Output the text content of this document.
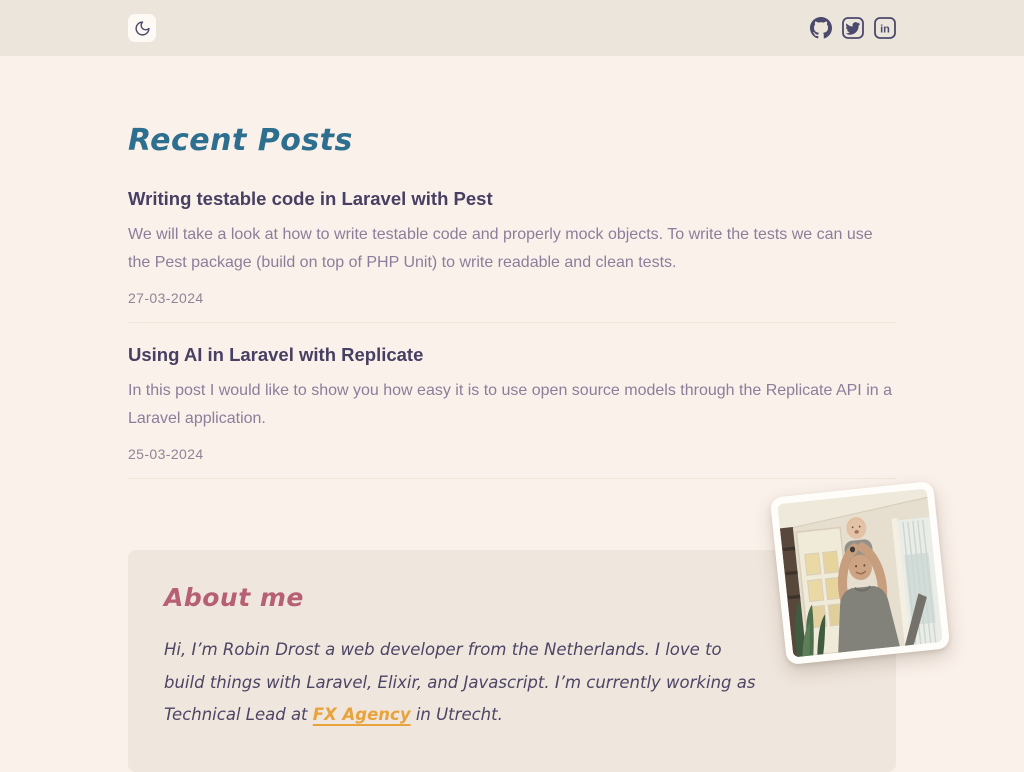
in
Recent Posts
Writing testable code in Laravel with Pest

We will take a look at how to write testable code and properly mock objects. To write the tests we can use the Pest package (build on top of PHP Unit) to write readable and clean tests.

27-03-2024
Using AI in Laravel with Replicate

In this post I would like to show you how easy it is to use open source models through the Replicate API in a Laravel application.

25-03-2024
About me

Hi, I’m Robin Drost a web developer from the Netherlands. I love to build things with Laravel, Elixir, and Javascript. I’m currently working as Technical Lead at FX Agency in Utrecht.
